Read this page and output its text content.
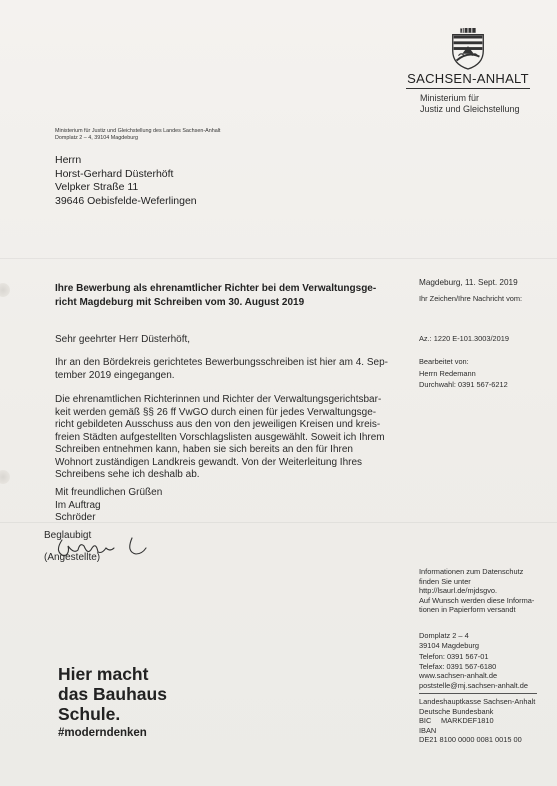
SACHSEN-ANHALT
Ministerium für
Justiz und Gleichstellung
Ministerium für Justiz und Gleichstellung des Landes Sachsen-Anhalt
Domplatz 2 – 4, 39104 Magdeburg
Herrn
Horst-Gerhard Düsterhöft
Velpker Straße 11
39646 Oebisfelde-Weferlingen
Ihre Bewerbung als ehrenamtlicher Richter bei dem Verwaltungsge-
richt Magdeburg mit Schreiben vom 30. August 2019

Sehr geehrter Herr Düsterhöft,

Ihr an den Bördekreis gerichtetes Bewerbungsschreiben ist hier am 4. Sep-

tember 2019 eingegangen.

Die ehrenamtlichen Richterinnen und Richter der Verwaltungsgerichtsbar-

keit werden gemäß §§ 26 ff VwGO durch einen für jedes Verwaltungsge-

richt gebildeten Ausschuss aus den von den jeweiligen Kreisen und kreis-

freien Städten aufgestellten Vorschlagslisten ausgewählt. Soweit ich Ihrem

Schreiben entnehmen kann, haben sie sich bereits an den für Ihren

Wohnort zuständigen Landkreis gewandt. Von der Weiterleitung Ihres

Schreibens sehe ich deshalb ab.

Mit freundlichen Grüßen
Im Auftrag
Schröder
Beglaubigt
(Angestellte)
Magdeburg, 11. Sept. 2019
Ihr Zeichen/Ihre Nachricht vom:
Az.: 1220 E-101.3003/2019
Bearbeitet von:
Herrn Redemann
Durchwahl: 0391 567-6212
Informationen zum Datenschutz
finden Sie unter
http://lsaurl.de/mjdsgvo.
Auf Wunsch werden diese Informa-
tionen in Papierform versandt
Domplatz 2 – 4
39104 Magdeburg
Telefon: 0391 567-01
Telefax: 0391 567-6180
www.sachsen-anhalt.de
poststelle@mj.sachsen-anhalt.de
Landeshauptkasse Sachsen-Anhalt
Deutsche Bundesbank
BIC	MARKDEF1810
IBAN
DE21 8100 0000 0081 0015 00
Hier macht
das Bauhaus
Schule.
#moderndenken
